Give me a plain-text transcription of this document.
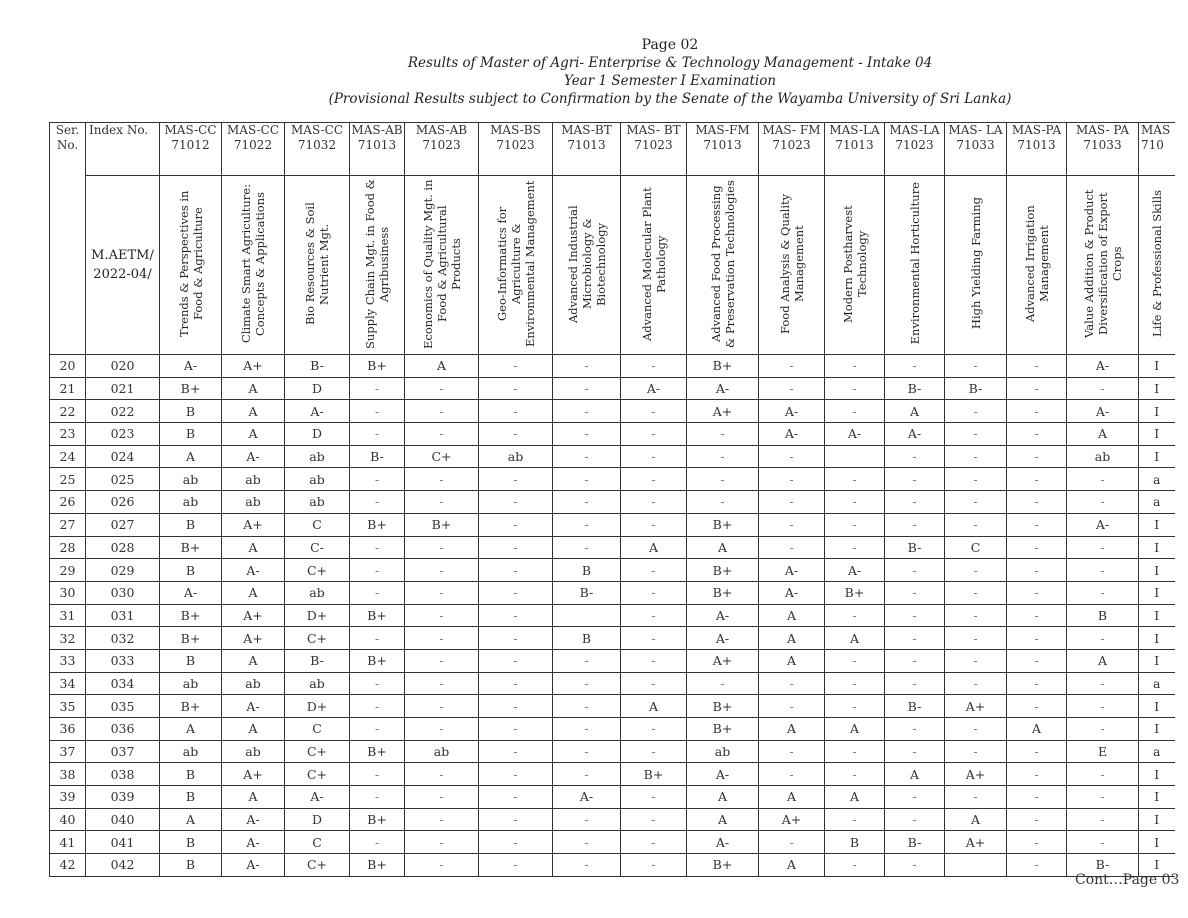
Page 02
Results of Master of Agri- Enterprise & Technology Management - Intake 04
Year 1 Semester I Examination
(Provisional Results subject to Confirmation by the Senate of the Wayamba University of Sri Lanka)
Ser. No.	Index No.	MAS-CC 71012	MAS-CC 71022	MAS-CC 71032	MAS-AB 71013	MAS-AB 71023	MAS-BS 71023	MAS-BT 71013	MAS- BT 71023	MAS-FM 71013	MAS- FM 71023	MAS-LA 71013	MAS-LA 71023	MAS- LA 71033	MAS-PA 71013	MAS- PA 71033	MAS 710
	M.AETM/ 2022-04/	Trends & Perspectives in Food & Agriculture	Climate Smart Agriculture: Concepts & Applications	Bio Resources & Soil Nutrient Mgt.	Supply Chain Mgt. in Food & Agribusiness	Economics of Quality Mgt. in Food & Agricultural Products	Geo-Informatics for Agriculture & Environmental Management	Advanced Industrial Microbiology & Biotechnology	Advanced Molecular Plant Pathology	Advanced Food Processing & Preservation Technologies	Food Analysis & Quality Management	Modern Postharvest Technology	Environmental Horticulture	High Yielding Farming	Advanced Irrigation Management	Value Addition & Product Diversification of Export Crops	Life & Professional Skills
20	020	A-	A+	B-	B+	A	-	-	-	B+	-	-	-	-	-	A-	I
21	021	B+	A	D	-	-	-	-	A-	A-	-	-	B-	B-	-	-	I
22	022	B	A	A-	-	-	-	-	-	A+	A-	-	A	-	-	A-	I
23	023	B	A	D	-	-	-	-	-	-	A-	A-	A-	-	-	A	I
24	024	A	A-	ab	B-	C+	ab	-	-	-	-		-	-	-	ab	I
25	025	ab	ab	ab	-	-	-	-	-	-	-	-	-	-	-	-	a
26	026	ab	ab	ab	-	-	-	-	-	-	-	-	-	-	-	-	a
27	027	B	A+	C	B+	B+	-	-	-	B+	-	-	-	-	-	A-	I
28	028	B+	A	C-	-	-	-	-	A	A	-	-	B-	C	-	-	I
29	029	B	A-	C+	-	-	-	B	-	B+	A-	A-	-	-	-	-	I
30	030	A-	A	ab	-	-	-	B-	-	B+	A-	B+	-	-	-	-	I
31	031	B+	A+	D+	B+	-	-		-	A-	A	-	-	-	-	B	I
32	032	B+	A+	C+	-	-	-	B	-	A-	A	A	-	-	-	-	I
33	033	B	A	B-	B+	-	-	-	-	A+	A	-	-	-	-	A	I
34	034	ab	ab	ab	-	-	-	-	-	-	-	-	-	-	-	-	a
35	035	B+	A-	D+	-	-	-	-	A	B+	-	-	B-	A+	-	-	I
36	036	A	A	C	-	-	-	-	-	B+	A	A	-	-	A	-	I
37	037	ab	ab	C+	B+	ab	-	-	-	ab	-	-	-	-	-	E	a
38	038	B	A+	C+	-	-	-	-	B+	A-	-	-	A	A+	-	-	I
39	039	B	A	A-	-	-	-	A-	-	A	A	A	-	-	-	-	I
40	040	A	A-	D	B+	-	-	-	-	A	A+	-	-	A	-	-	I
41	041	B	A-	C	-	-	-	-	-	A-	-	B	B-	A+	-	-	I
42	042	B	A-	C+	B+	-	-	-	-	B+	A	-	-		-	B-	I
Cont…Page 03
